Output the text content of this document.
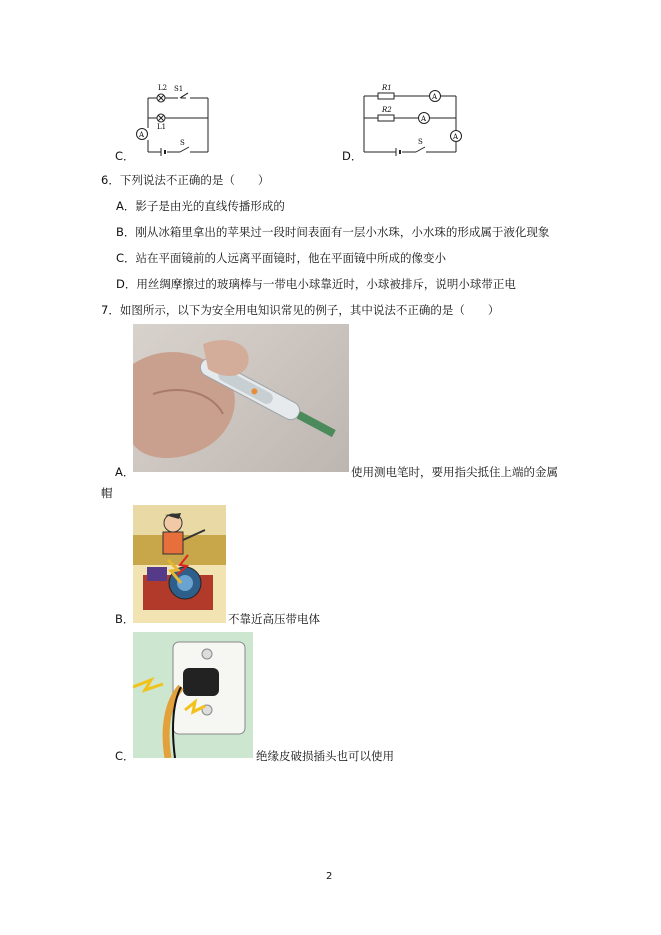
L2 S1
L1
A
S
C．
R1
R2
A
A
S
A
D．
6．下列说法不正确的是（　　）
A．影子是由光的直线传播形成的
B．刚从冰箱里拿出的苹果过一段时间表面有一层小水珠，小水珠的形成属于液化现象
C．站在平面镜前的人远离平面镜时，他在平面镜中所成的像变小
D．用丝绸摩擦过的玻璃棒与一带电小球靠近时，小球被排斥，说明小球带正电
7．如图所示，以下为安全用电知识常见的例子，其中说法不正确的是（　　）
A．	使用测电笔时，要用指尖抵住上端的金属
帽
B．	不靠近高压带电体
C．	绝缘皮破损插头也可以使用
2
